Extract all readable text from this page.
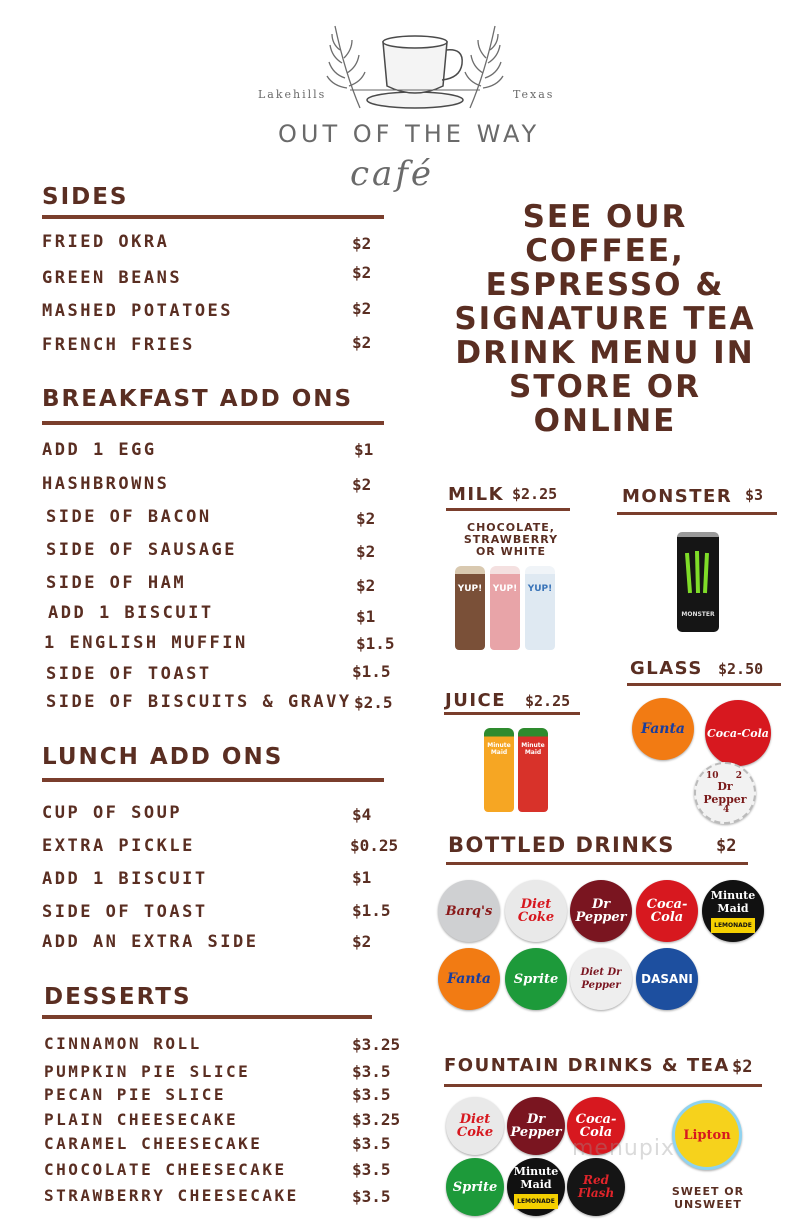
Lakehills	Texas
OUT OF THE WAY
café
SIDES
FRIED OKRA	$2
GREEN BEANS	$2
MASHED POTATOES	$2
FRENCH FRIES	$2
BREAKFAST ADD ONS
ADD 1 EGG	$1
HASHBROWNS	$2
SIDE OF BACON	$2
SIDE OF SAUSAGE	$2
SIDE OF HAM	$2
ADD 1 BISCUIT	$1
1 ENGLISH MUFFIN	$1.5
SIDE OF TOAST	$1.5
SIDE OF BISCUITS & GRAVY $2.5
LUNCH ADD ONS
CUP OF SOUP	$4
EXTRA PICKLE	$0.25
ADD 1 BISCUIT	$1
SIDE OF TOAST	$1.5
ADD AN EXTRA SIDE	$2
DESSERTS
CINNAMON ROLL	$3.25
PUMPKIN PIE SLICE	$3.5
PECAN PIE SLICE	$3.5
PLAIN CHEESECAKE	$3.25
CARAMEL CHEESECAKE	$3.5
CHOCOLATE CHEESECAKE	$3.5
STRAWBERRY CHEESECAKE	$3.5
SEE OUR
COFFEE,
ESPRESSO &
SIGNATURE TEA
DRINK MENU IN
STORE OR
ONLINE
MILK $2.25
CHOCOLATE,
STRAWBERRY
OR WHITE
YUP!	YUP!	YUP!
MONSTER $3
MONSTER
GLASS $2.50
Fanta	Coca-Cola
10 2
Dr Pepper
4
JUICE $2.25
Minute Maid
Minute Maid
BOTTLED DRINKS $2
Barq's	Diet Coke
Dr Pepper
Coca-Cola
Minute Maid
LEMONADE
Fanta	Sprite	Diet Dr Pepper	DASANI
FOUNTAIN DRINKS & TEA $2
Diet Coke
Dr Pepper
Coca-Cola
Sprite
Minute Maid
LEMONADE
Red Flash
Lipton
SWEET OR
UNSWEET
menupix
